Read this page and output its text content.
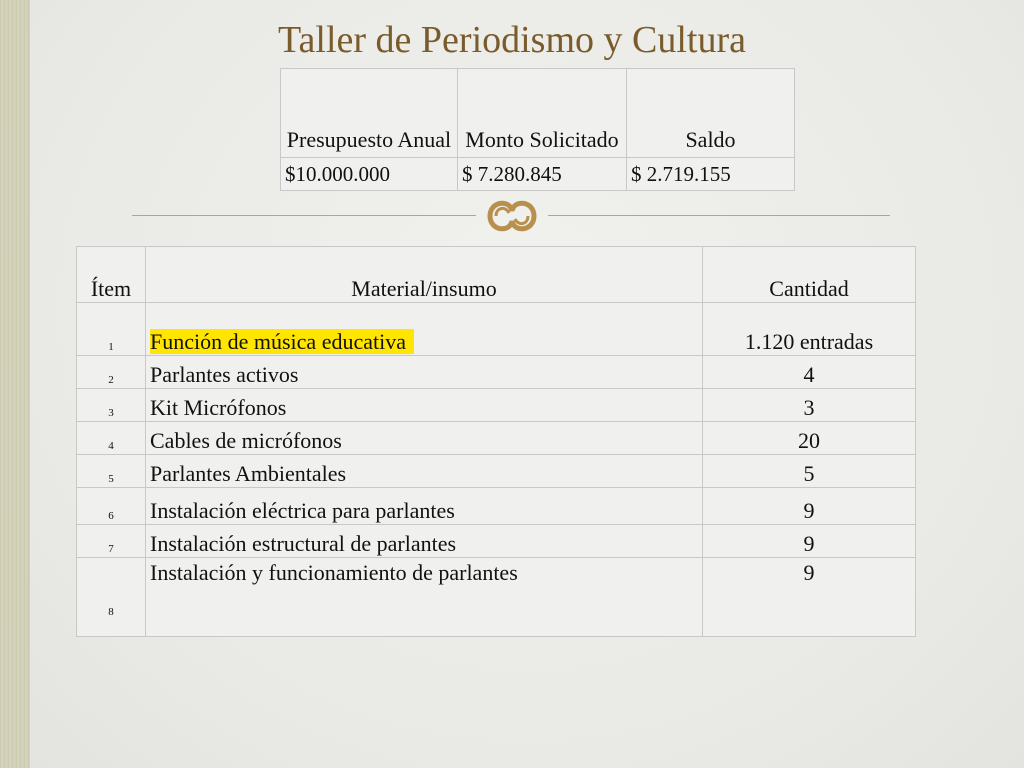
Taller de Periodismo y Cultura
Presupuesto Anual	Monto Solicitado	Saldo
$10.000.000	$ 7.280.845	$ 2.719.155
Ítem	Material/insumo	Cantidad
1	Función de música educativa	1.120 entradas
2	Parlantes activos	4
3	Kit Micrófonos	3
4	Cables de micrófonos	20
5	Parlantes Ambientales	5
6	Instalación eléctrica para parlantes	9
7	Instalación estructural de parlantes	9
8	Instalación y funcionamiento de parlantes	9
